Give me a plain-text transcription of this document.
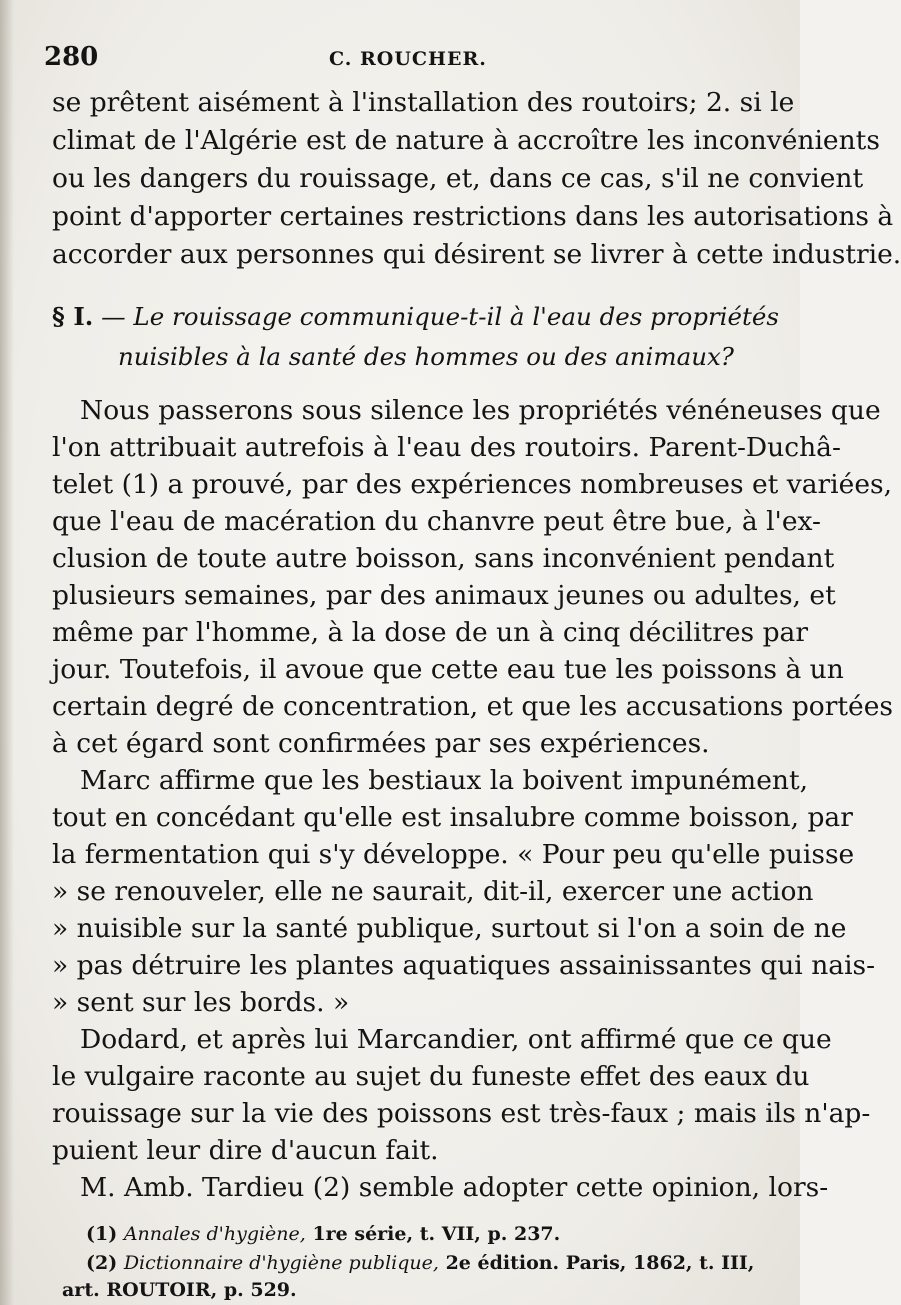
280	C. ROUCHER.
se prêtent aisément à l'installation des routoirs; 2. si le
climat de l'Algérie est de nature à accroître les inconvénients
ou les dangers du rouissage, et, dans ce cas, s'il ne convient
point d'apporter certaines restrictions dans les autorisations à
accorder aux personnes qui désirent se livrer à cette industrie.
§ I. — Le rouissage communique-t-il à l'eau des propriétés
nuisibles à la santé des hommes ou des animaux?
Nous passerons sous silence les propriétés vénéneuses que
l'on attribuait autrefois à l'eau des routoirs. Parent-Duchâ-
telet (1) a prouvé, par des expériences nombreuses et variées,
que l'eau de macération du chanvre peut être bue, à l'ex-
clusion de toute autre boisson, sans inconvénient pendant
plusieurs semaines, par des animaux jeunes ou adultes, et
même par l'homme, à la dose de un à cinq décilitres par
jour. Toutefois, il avoue que cette eau tue les poissons à un
certain degré de concentration, et que les accusations portées
à cet égard sont confirmées par ses expériences.
Marc affirme que les bestiaux la boivent impunément,
tout en concédant qu'elle est insalubre comme boisson, par
la fermentation qui s'y développe. « Pour peu qu'elle puisse
» se renouveler, elle ne saurait, dit-il, exercer une action
» nuisible sur la santé publique, surtout si l'on a soin de ne
» pas détruire les plantes aquatiques assainissantes qui nais-
» sent sur les bords. »
Dodard, et après lui Marcandier, ont affirmé que ce que
le vulgaire raconte au sujet du funeste effet des eaux du
rouissage sur la vie des poissons est très-faux ; mais ils n'ap-
puient leur dire d'aucun fait.
M. Amb. Tardieu (2) semble adopter cette opinion, lors-
(1) Annales d'hygiène, 1re série, t. VII, p. 237.
(2) Dictionnaire d'hygiène publique, 2e édition. Paris, 1862, t. III,
art. ROUTOIR, p. 529.
